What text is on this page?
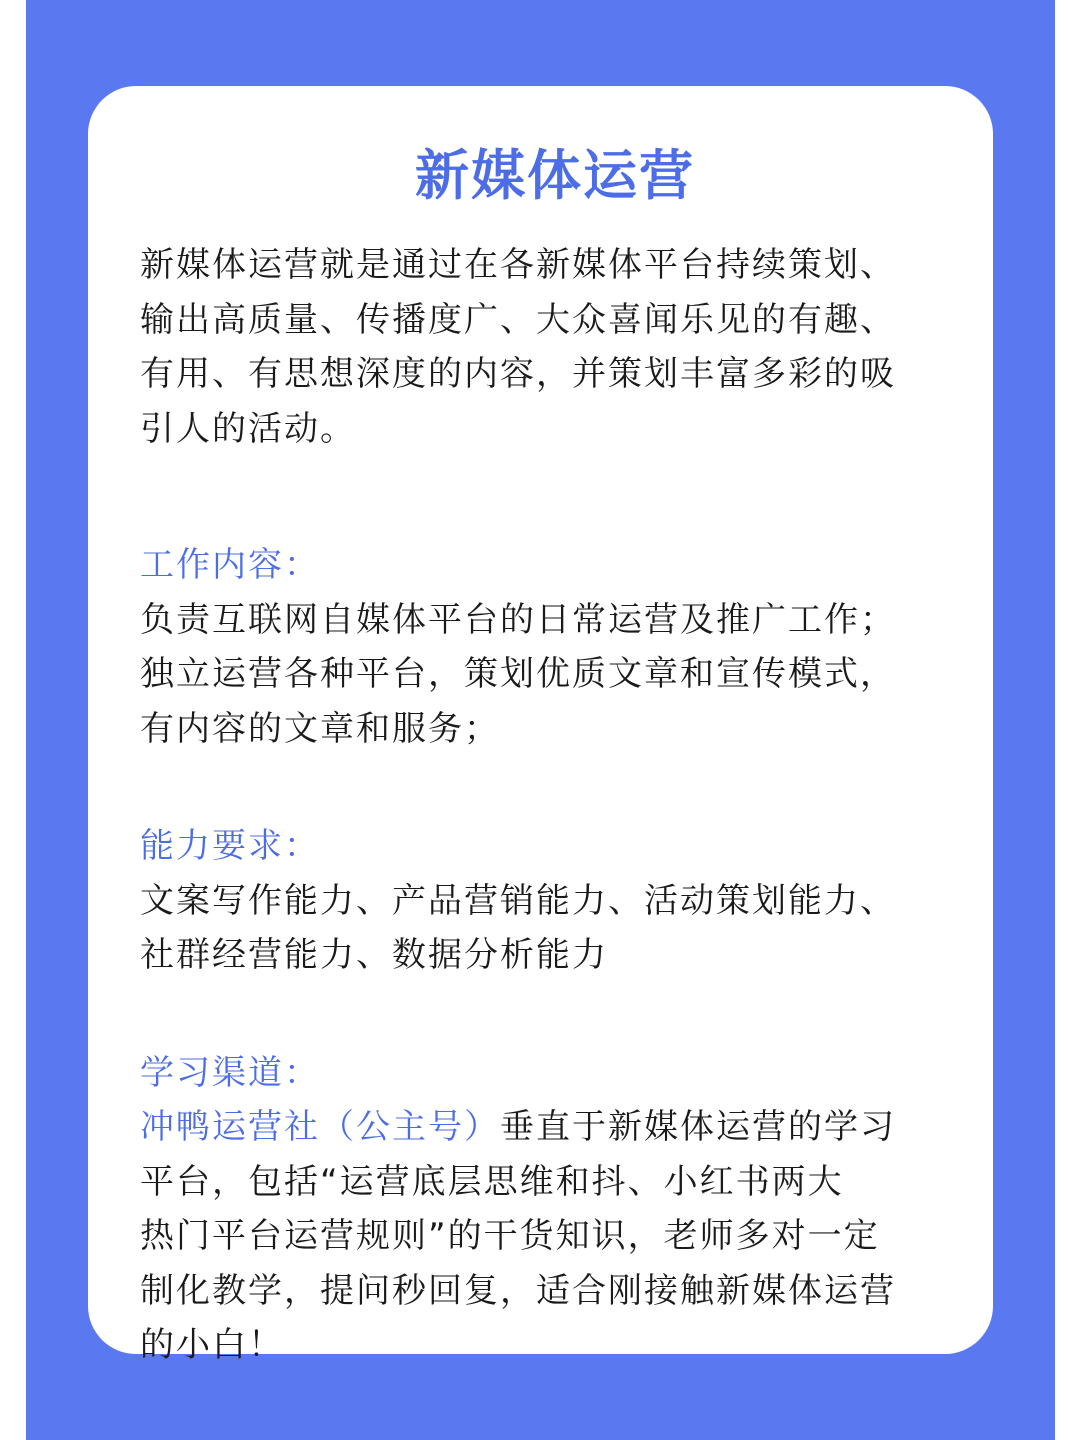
新媒体运营
新媒体运营就是通过在各新媒体平台持续策划、
输出高质量、传播度广、大众喜闻乐见的有趣、
有用、有思想深度的内容，并策划丰富多彩的吸
引人的活动。
工作内容：
负责互联网自媒体平台的日常运营及推广工作；
独立运营各种平台，策划优质文章和宣传模式，
有内容的文章和服务；
能力要求：
文案写作能力、产品营销能力、活动策划能力、
社群经营能力、数据分析能力
学习渠道：
冲鸭运营社（公主号）垂直于新媒体运营的学习
平台，包括“运营底层思维和抖、小红书两大
热门平台运营规则”的干货知识，老师多对一定
制化教学，提问秒回复，适合刚接触新媒体运营
的小白！
